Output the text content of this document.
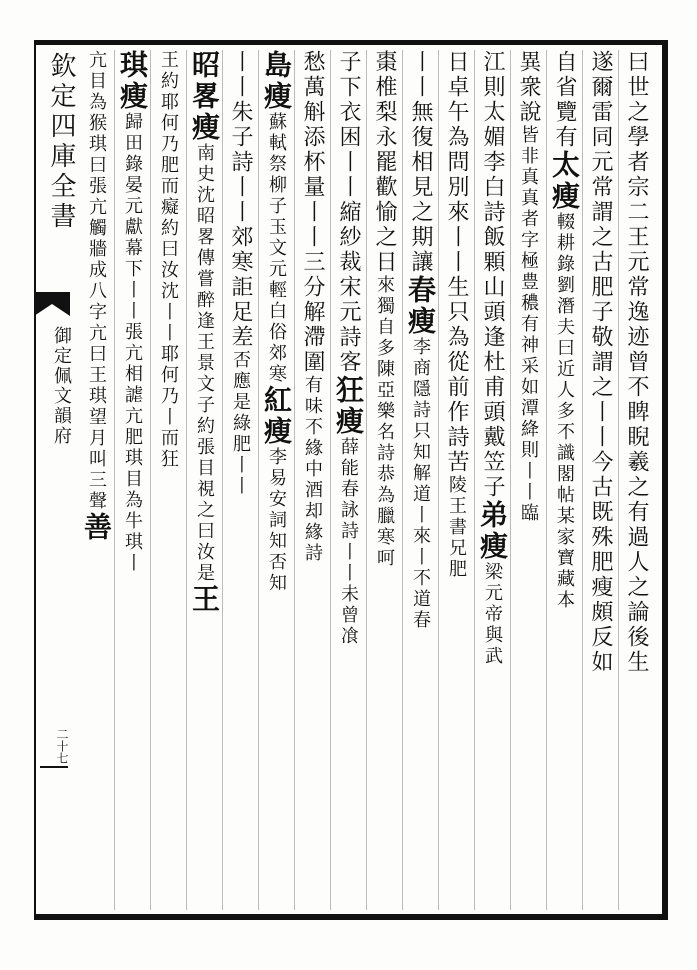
欽定四庫全書
御定佩文韻府
二十七
曰世之學者宗二王元常逸迹曾不睥睨羲之有過人之論後生
遂爾雷同元常謂之古肥子敬謂之丨丨今古既殊肥瘦頗反如
自省覽有太瘦輟耕錄劉潛夫曰近人多不識閣帖某家寶藏本
異衆說皆非真真者字極豊穠有神采如潭絳則丨丨臨
江則太媚李白詩飯顆山頭逢杜甫頭戴笠子弟瘦梁元帝與武
日卓午為問別來丨丨生只為從前作詩苦陵王書兄肥
丨丨無復相見之期讓春瘦李商隱詩只知解道丨來丨不道春
棗椎梨永罷歡愉之日來獨自多陳亞樂名詩恭為臘寒呵
子下衣困丨丨縮紗裁宋元詩客狂瘦薛能春詠詩丨丨未曾飡
愁萬斛添杯量丨丨三分解滯圍有味不緣中酒却緣詩
島瘦蘇軾祭柳子玉文元輕白俗郊寒紅瘦李易安詞知否知
丨丨朱子詩丨丨郊寒詎足差否應是綠肥丨丨
昭畧瘦南史沈昭畧傳嘗醉逢王景文子約張目視之曰汝是王
王約耶何乃肥而癡約曰汝沈丨丨耶何乃丨而狂
琪瘦歸田錄晏元獻幕下丨丨張亢相謔亢肥琪目為牛琪丨
亢目為猴琪曰張亢觸牆成八字亢曰王琪望月叫三聲善
